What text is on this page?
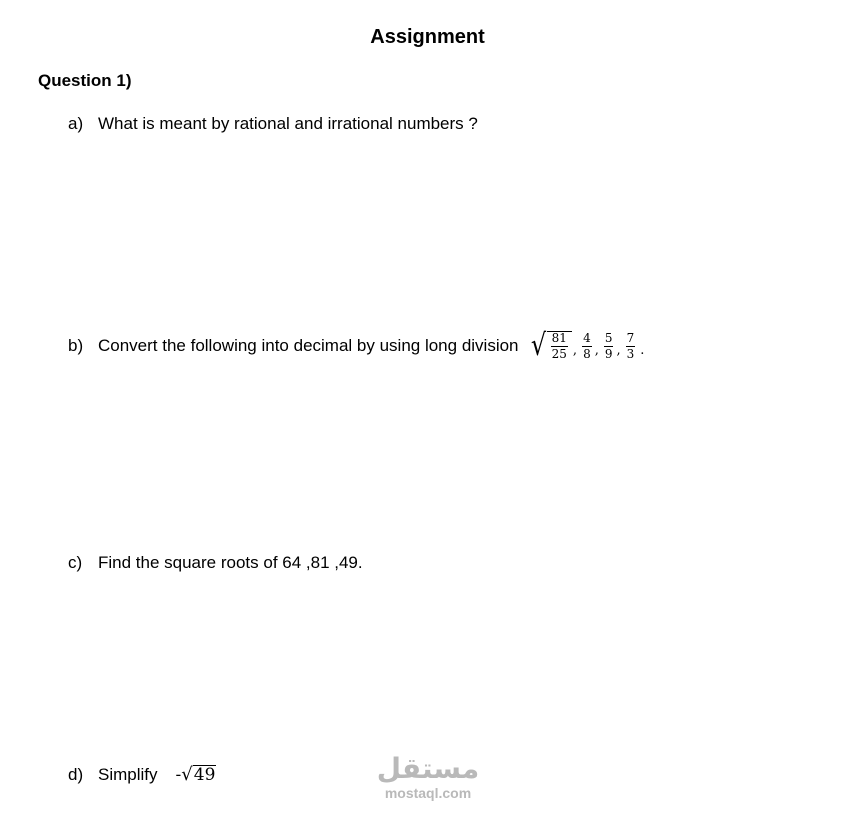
Assignment
Question 1)
a) What is meant by rational and irrational numbers ?
b) Convert the following into decimal by using long division √ $\frac{81}{25}$ , $\frac{4}{8}$ , $\frac{5}{9}$ , $\frac{7}{3}$ .
c) Find the square roots of 64 ,81 ,49.
d) Simplify - √ 49	مستقل
mostaql.com
